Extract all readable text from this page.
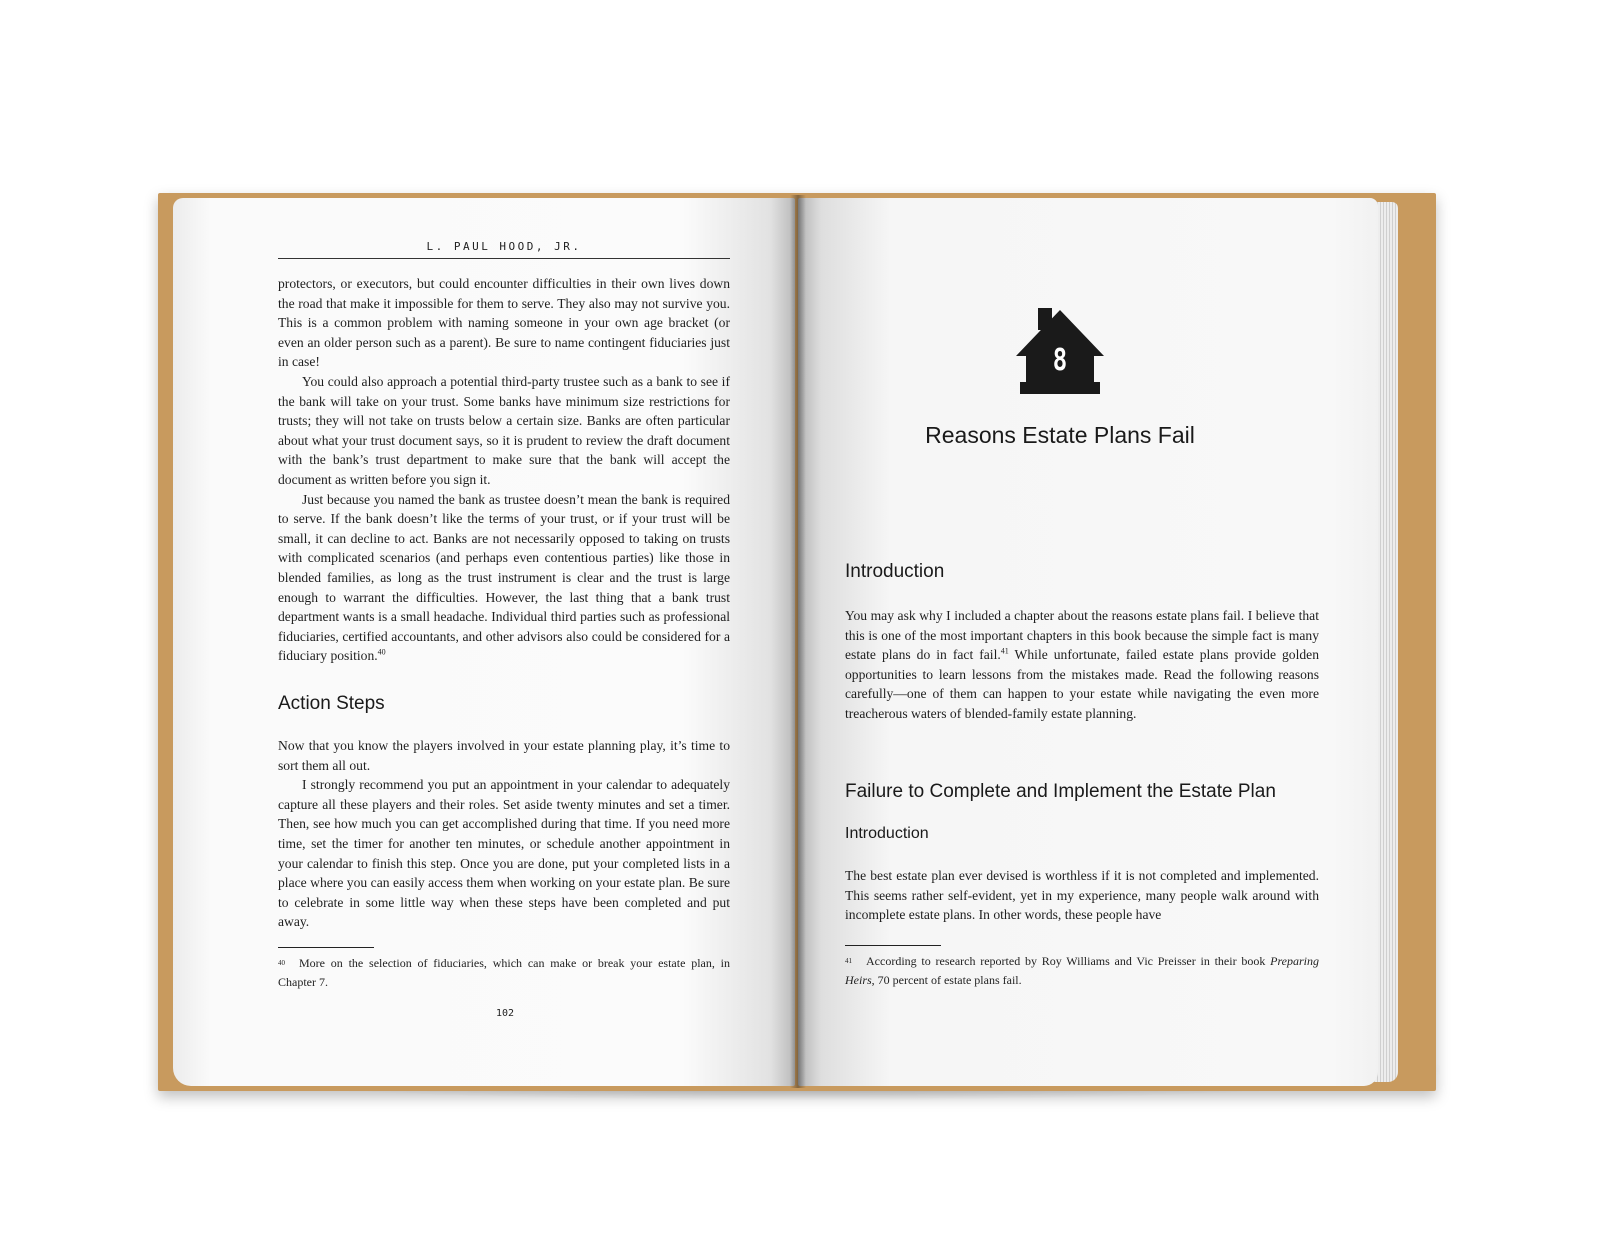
L. PAUL HOOD, JR.

protectors, or executors, but could encounter difficulties in their own lives down the road that make it impossible for them to serve. They also may not survive you. This is a common problem with naming someone in your own age bracket (or even an older person such as a parent). Be sure to name contingent fiduciaries just in case!

You could also approach a potential third-party trustee such as a bank to see if the bank will take on your trust. Some banks have minimum size restrictions for trusts; they will not take on trusts below a certain size. Banks are often particular about what your trust document says, so it is prudent to review the draft document with the bank’s trust department to make sure that the bank will accept the document as written before you sign it.

Just because you named the bank as trustee doesn’t mean the bank is required to serve. If the bank doesn’t like the terms of your trust, or if your trust will be small, it can decline to act. Banks are not necessarily opposed to taking on trusts with complicated scenarios (and perhaps even contentious parties) like those in blended families, as long as the trust instrument is clear and the trust is large enough to warrant the difficulties. However, the last thing that a bank trust department wants is a small headache. Individual third parties such as professional fiduciaries, certified accountants, and other advisors also could be considered for a fiduciary position.$^{40}$

Action Steps

Now that you know the players involved in your estate planning play, it’s time to sort them all out.

I strongly recommend you put an appointment in your calendar to adequately capture all these players and their roles. Set aside twenty minutes and set a timer. Then, see how much you can get accomplished during that time. If you need more time, set the timer for another ten minutes, or schedule another appointment in your calendar to finish this step. Once you are done, put your completed lists in a place where you can easily access them when working on your estate plan. Be sure to celebrate in some little way when these steps have been completed and put away.

$^{40}$ More on the selection of fiduciaries, which can make or break your estate plan, in Chapter 7.
102
8
Reasons Estate Plans Fail
Introduction

You may ask why I included a chapter about the reasons estate plans fail. I believe that this is one of the most important chapters in this book because the simple fact is many estate plans do in fact fail.$^{41}$ While unfortunate, failed estate plans provide golden opportunities to learn lessons from the mistakes made. Read the following reasons carefully—one of them can happen to your estate while navigating the even more treacherous waters of blended-family estate planning.

Failure to Complete and Implement the Estate Plan
Introduction

The best estate plan ever devised is worthless if it is not completed and implemented. This seems rather self-evident, yet in my experience, many people walk around with incomplete estate plans. In other words, these people have

$^{41}$ According to research reported by Roy Williams and Vic Preisser in their book Preparing Heirs, 70 percent of estate plans fail.
